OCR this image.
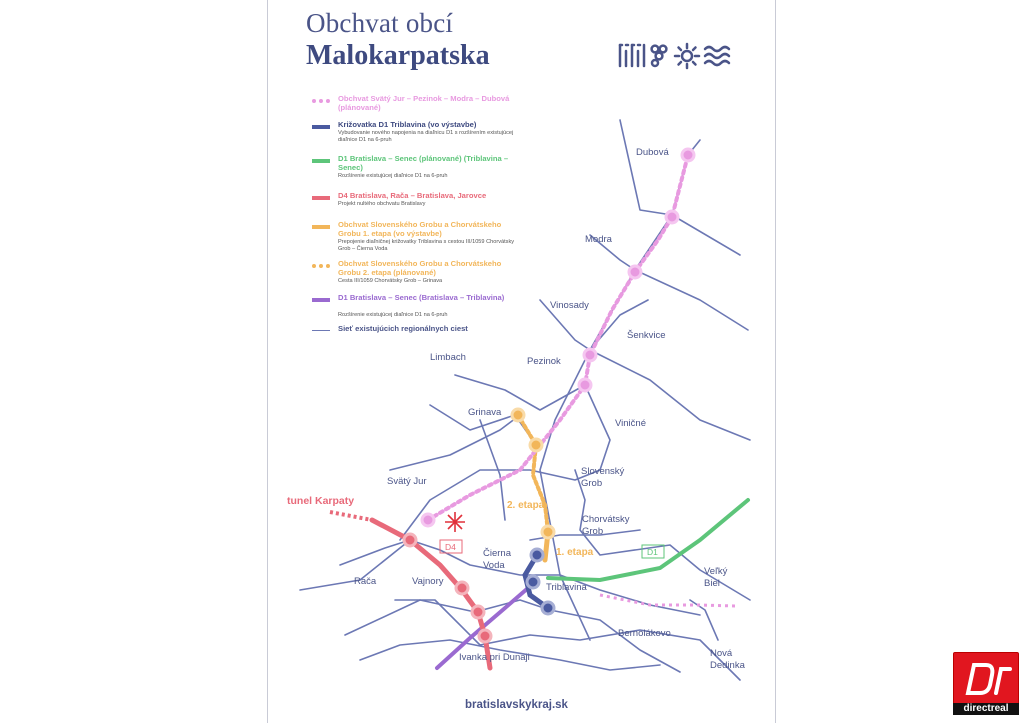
Obchvat obcí
Malokarpatska
Obchvat Svätý Jur – Pezinok – Modra – Dubová (plánované)
Križovatka D1 Triblavina (vo výstavbe)
Vybudovanie nového napojenia na diaľnicu D1 s rozšírením existujúcej diaľnice D1 na 6-pruh
D1 Bratislava – Senec (plánované) (Triblavina – Senec)
Rozšírenie existujúcej diaľnice D1 na 6-pruh
D4 Bratislava, Rača – Bratislava, Jarovce
Projekt nultého obchvatu Bratislavy
Obchvat Slovenského Grobu a Chorvátskeho Grobu 1. etapa (vo výstavbe)
Prepojenie diaľničnej križovatky Triblavina s cestou III/1059 Chorvátsky Grob – Čierna Voda
Obchvat Slovenského Grobu a Chorvátskeho Grobu 2. etapa (plánované)
Cesta III/1059 Chorvátsky Grob – Grinava
D1 Bratislava – Senec (Bratislava – Triblavina)
Rozšírenie existujúcej diaľnice D1 na 6-pruh
Sieť existujúcich regionálnych ciest
Dubová
Modra
Vinosady
Šenkvice
Limbach	Pezinok
Grinava
Viničné
Slovenský
Grob
Svätý Jur
Chorvátsky
Grob
Čierna
Voda
Veľký
Biel
Rača	Vajnory
Triblavina
Bernolákovo
Ivanka pri Dunaji	Nová
Dedinka
tunel Karpaty	2. etapa
1. etapa
D4	D1
bratislavskykraj.sk	directreal
